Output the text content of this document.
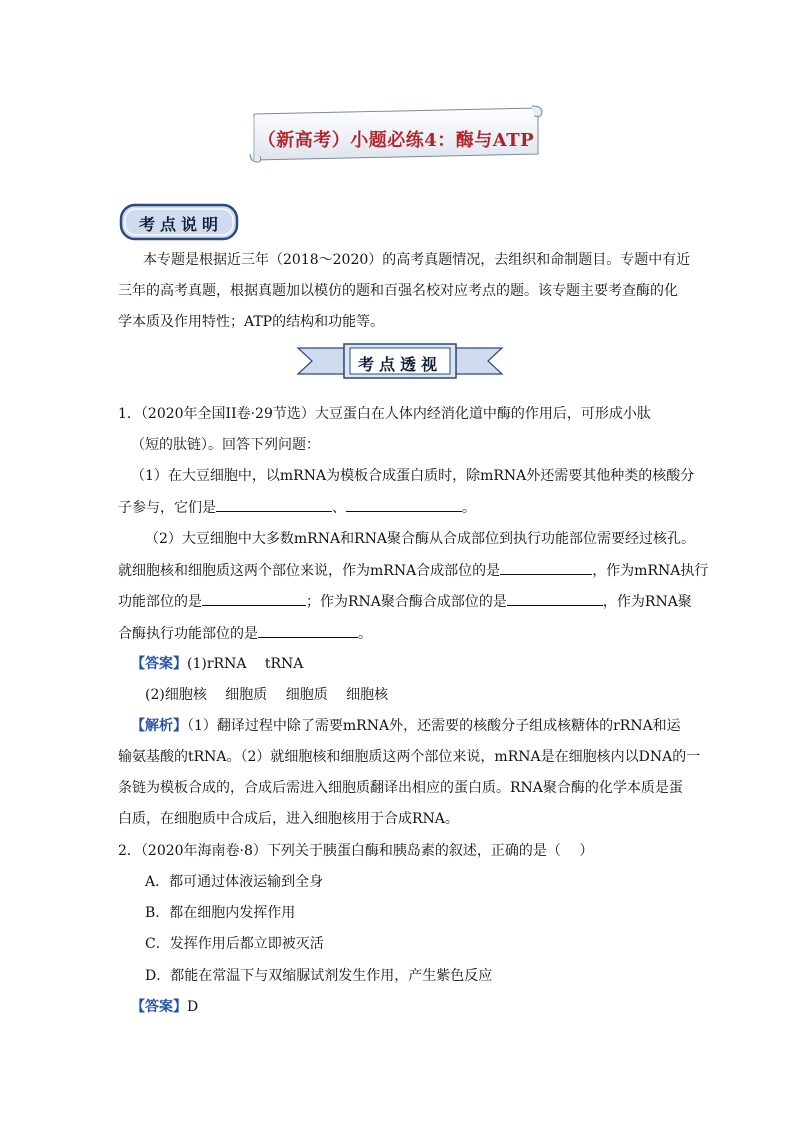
（新高考）小题必练4：酶与ATP
考点说明
本专题是根据近三年（2018～2020）的高考真题情况，去组织和命制题目。专题中有近
三年的高考真题，根据真题加以模仿的题和百强名校对应考点的题。该专题主要考查酶的化
学本质及作用特性；ATP的结构和功能等。
考点透视
1．（2020年全国II卷·29节选）大豆蛋白在人体内经消化道中酶的作用后，可形成小肽
（短的肽链）。回答下列问题：
（1）在大豆细胞中，以mRNA为模板合成蛋白质时，除mRNA外还需要其他种类的核酸分
子参与，它们是	、	。
（2）大豆细胞中大多数mRNA和RNA聚合酶从合成部位到执行功能部位需要经过核孔。
就细胞核和细胞质这两个部位来说，作为mRNA合成部位的是	，作为mRNA执行
功能部位的是	；作为RNA聚合酶合成部位的是	，作为RNA聚
合酶执行功能部位的是	。
【答案】(1)rRNA　 tRNA
(2)细胞核　 细胞质　 细胞质　 细胞核
【解析】（1）翻译过程中除了需要mRNA外，还需要的核酸分子组成核糖体的rRNA和运
输氨基酸的tRNA。（2）就细胞核和细胞质这两个部位来说，mRNA是在细胞核内以DNA的一
条链为模板合成的，合成后需进入细胞质翻译出相应的蛋白质。RNA聚合酶的化学本质是蛋
白质，在细胞质中合成后，进入细胞核用于合成RNA。
2．（2020年海南卷·8）下列关于胰蛋白酶和胰岛素的叙述，正确的是（　 ）
A．都可通过体液运输到全身
B．都在细胞内发挥作用
C．发挥作用后都立即被灭活
D．都能在常温下与双缩脲试剂发生作用，产生紫色反应
【答案】D
